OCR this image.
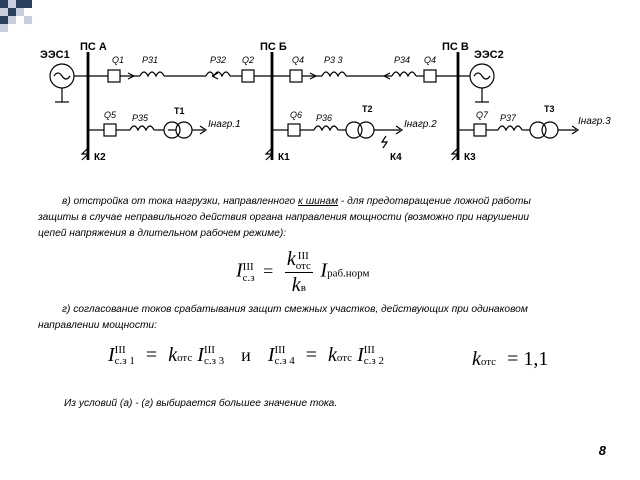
ЭЭС1
ПС А	ПС Б	ПС В
ЭЭС2
Q1 Р31	Р32 Q2	Q4 Р3 3	Р34 Q4
Q5 Р35
Т1
Iнагр.1
К2
Q6 Р36
Т2
Iнагр.2
К1	К4
Q7 Р37
Т3
Iнагр.3
К3
в) отстройка от тока нагрузки, направленного к шинам - для предотвращение ложной работы
защиты в случае неправильного действия органа направления мощности (возможно при нарушении
цепей напряжения в длительном рабочем режиме):
I III
с.з = k III
отс
kв Iраб.норм
г) согласование токов срабатывания защит смежных участков, действующих при одинаковом
направлении мощности:
I III
с.з 1 = kотс I III
с.з 3 и I III
с.з 4 = kотс I III
с.з 2	kотс = 1,1
Из условий (а) - (г) выбирается большее значение тока.
8
